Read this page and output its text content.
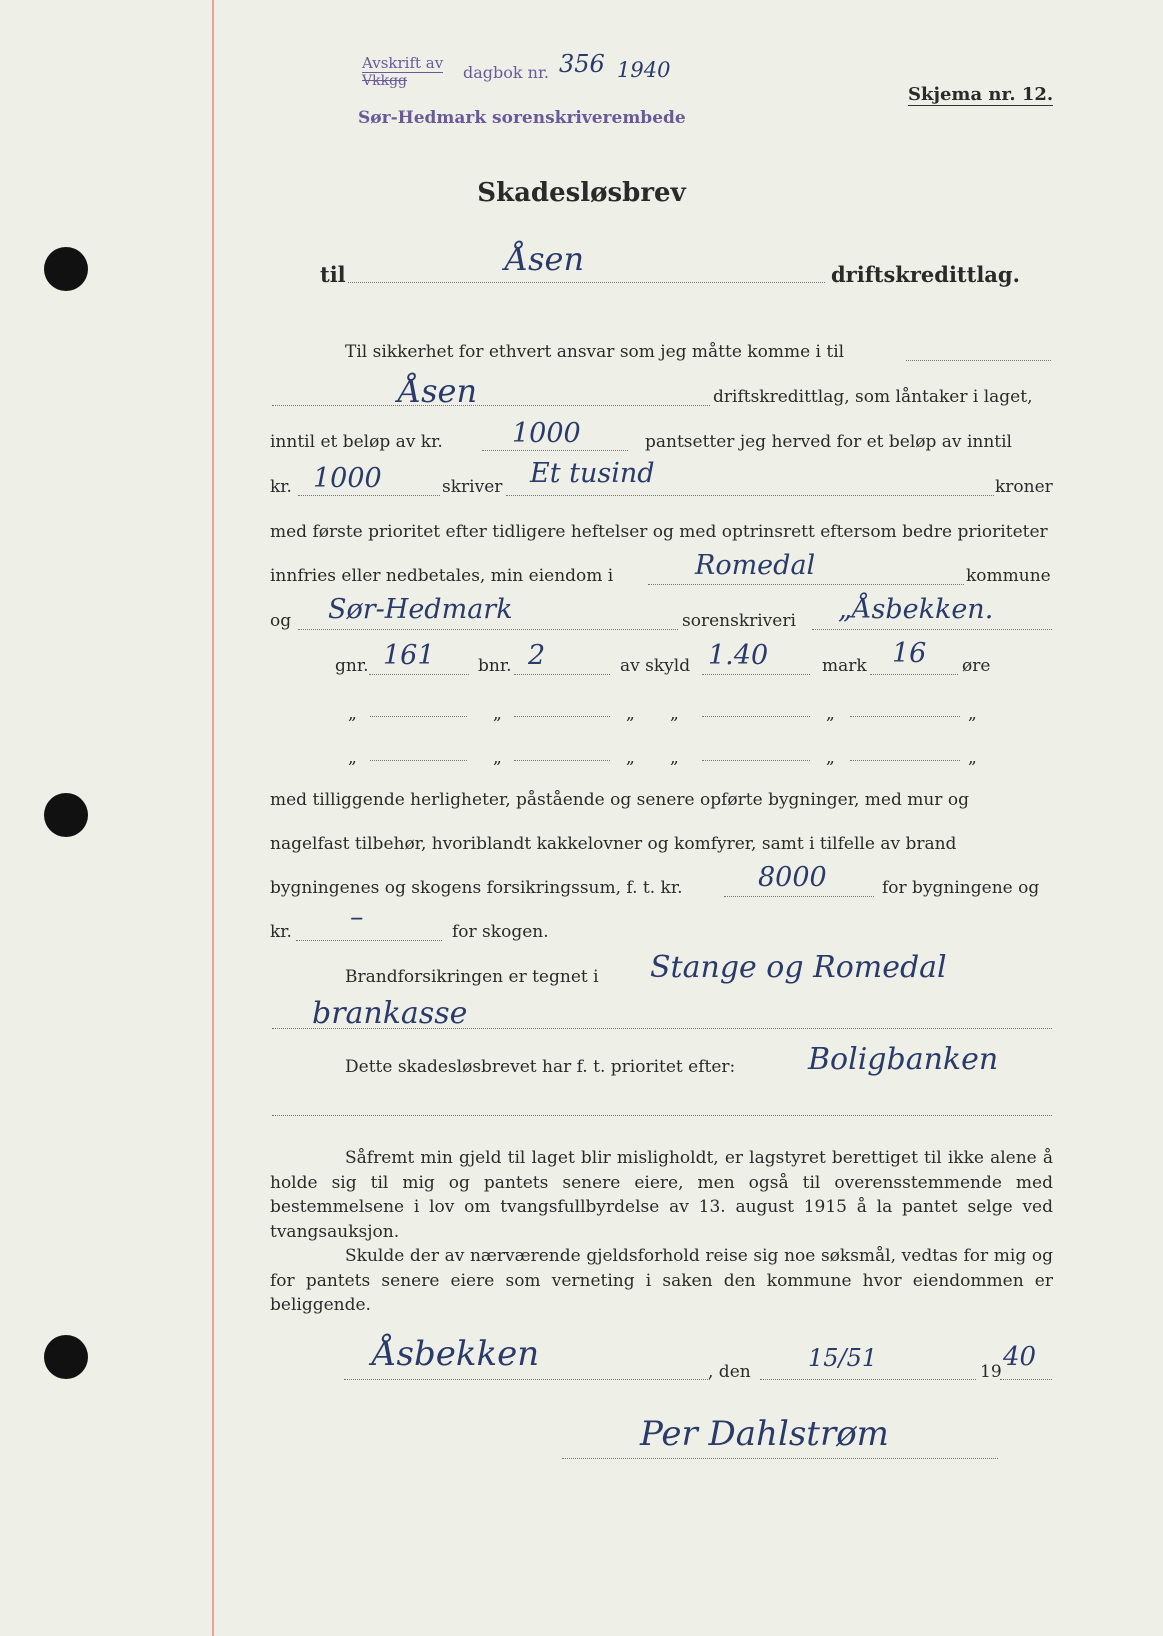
Avskrift av
Vkkgg	dagbok nr. 356 1940
Sør-Hedmark sorenskriverembede
Skjema nr. 12.
Skadesløsbrev
til	Åsen	driftskredittlag.
Til sikkerhet for ethvert ansvar som jeg måtte komme i til
Åsen	driftskredittlag, som låntaker i laget,
inntil et beløp av kr.	1000	pantsetter jeg herved for et beløp av inntil
kr. 1000	skriver Et tusind	kroner
med første prioritet efter tidligere heftelser og med optrinsrett eftersom bedre prioriteter
innfries eller nedbetales, min eiendom i	Romedal	kommune
og Sør-Hedmark	sorenskriveri „Åsbekken.
gnr. 161	bnr. 2	av skyld 1.40	mark 16 øre
„	„	„ „	„	„
„	„	„ „	„	„
med tilliggende herligheter, påstående og senere opførte bygninger, med mur og
nagelfast tilbehør, hvoriblandt kakkelovner og komfyrer, samt i tilfelle av brand
bygningenes og skogens forsikringssum, f. t. kr.	8000	for bygningene og
kr. –	for skogen.
Brandforsikringen er tegnet i Stange og Romedal
brankasse
Dette skadesløsbrevet har f. t. prioritet efter: Boligbanken
Såfremt min gjeld til laget blir misligholdt, er lagstyret berettiget til ikke alene å holde sig til mig og pantets senere eiere, men også til overensstemmende med bestemmelsene i lov om tvangsfullbyrdelse av 13. august 1915 å la pantet selge ved tvangsauksjon.
Skulde der av nærværende gjeldsforhold reise sig noe søksmål, vedtas for mig og for pantets senere eiere som verneting i saken den kommune hvor eiendommen er beliggende.
Åsbekken	, den 15/51	19 40
Per Dahlstrøm
